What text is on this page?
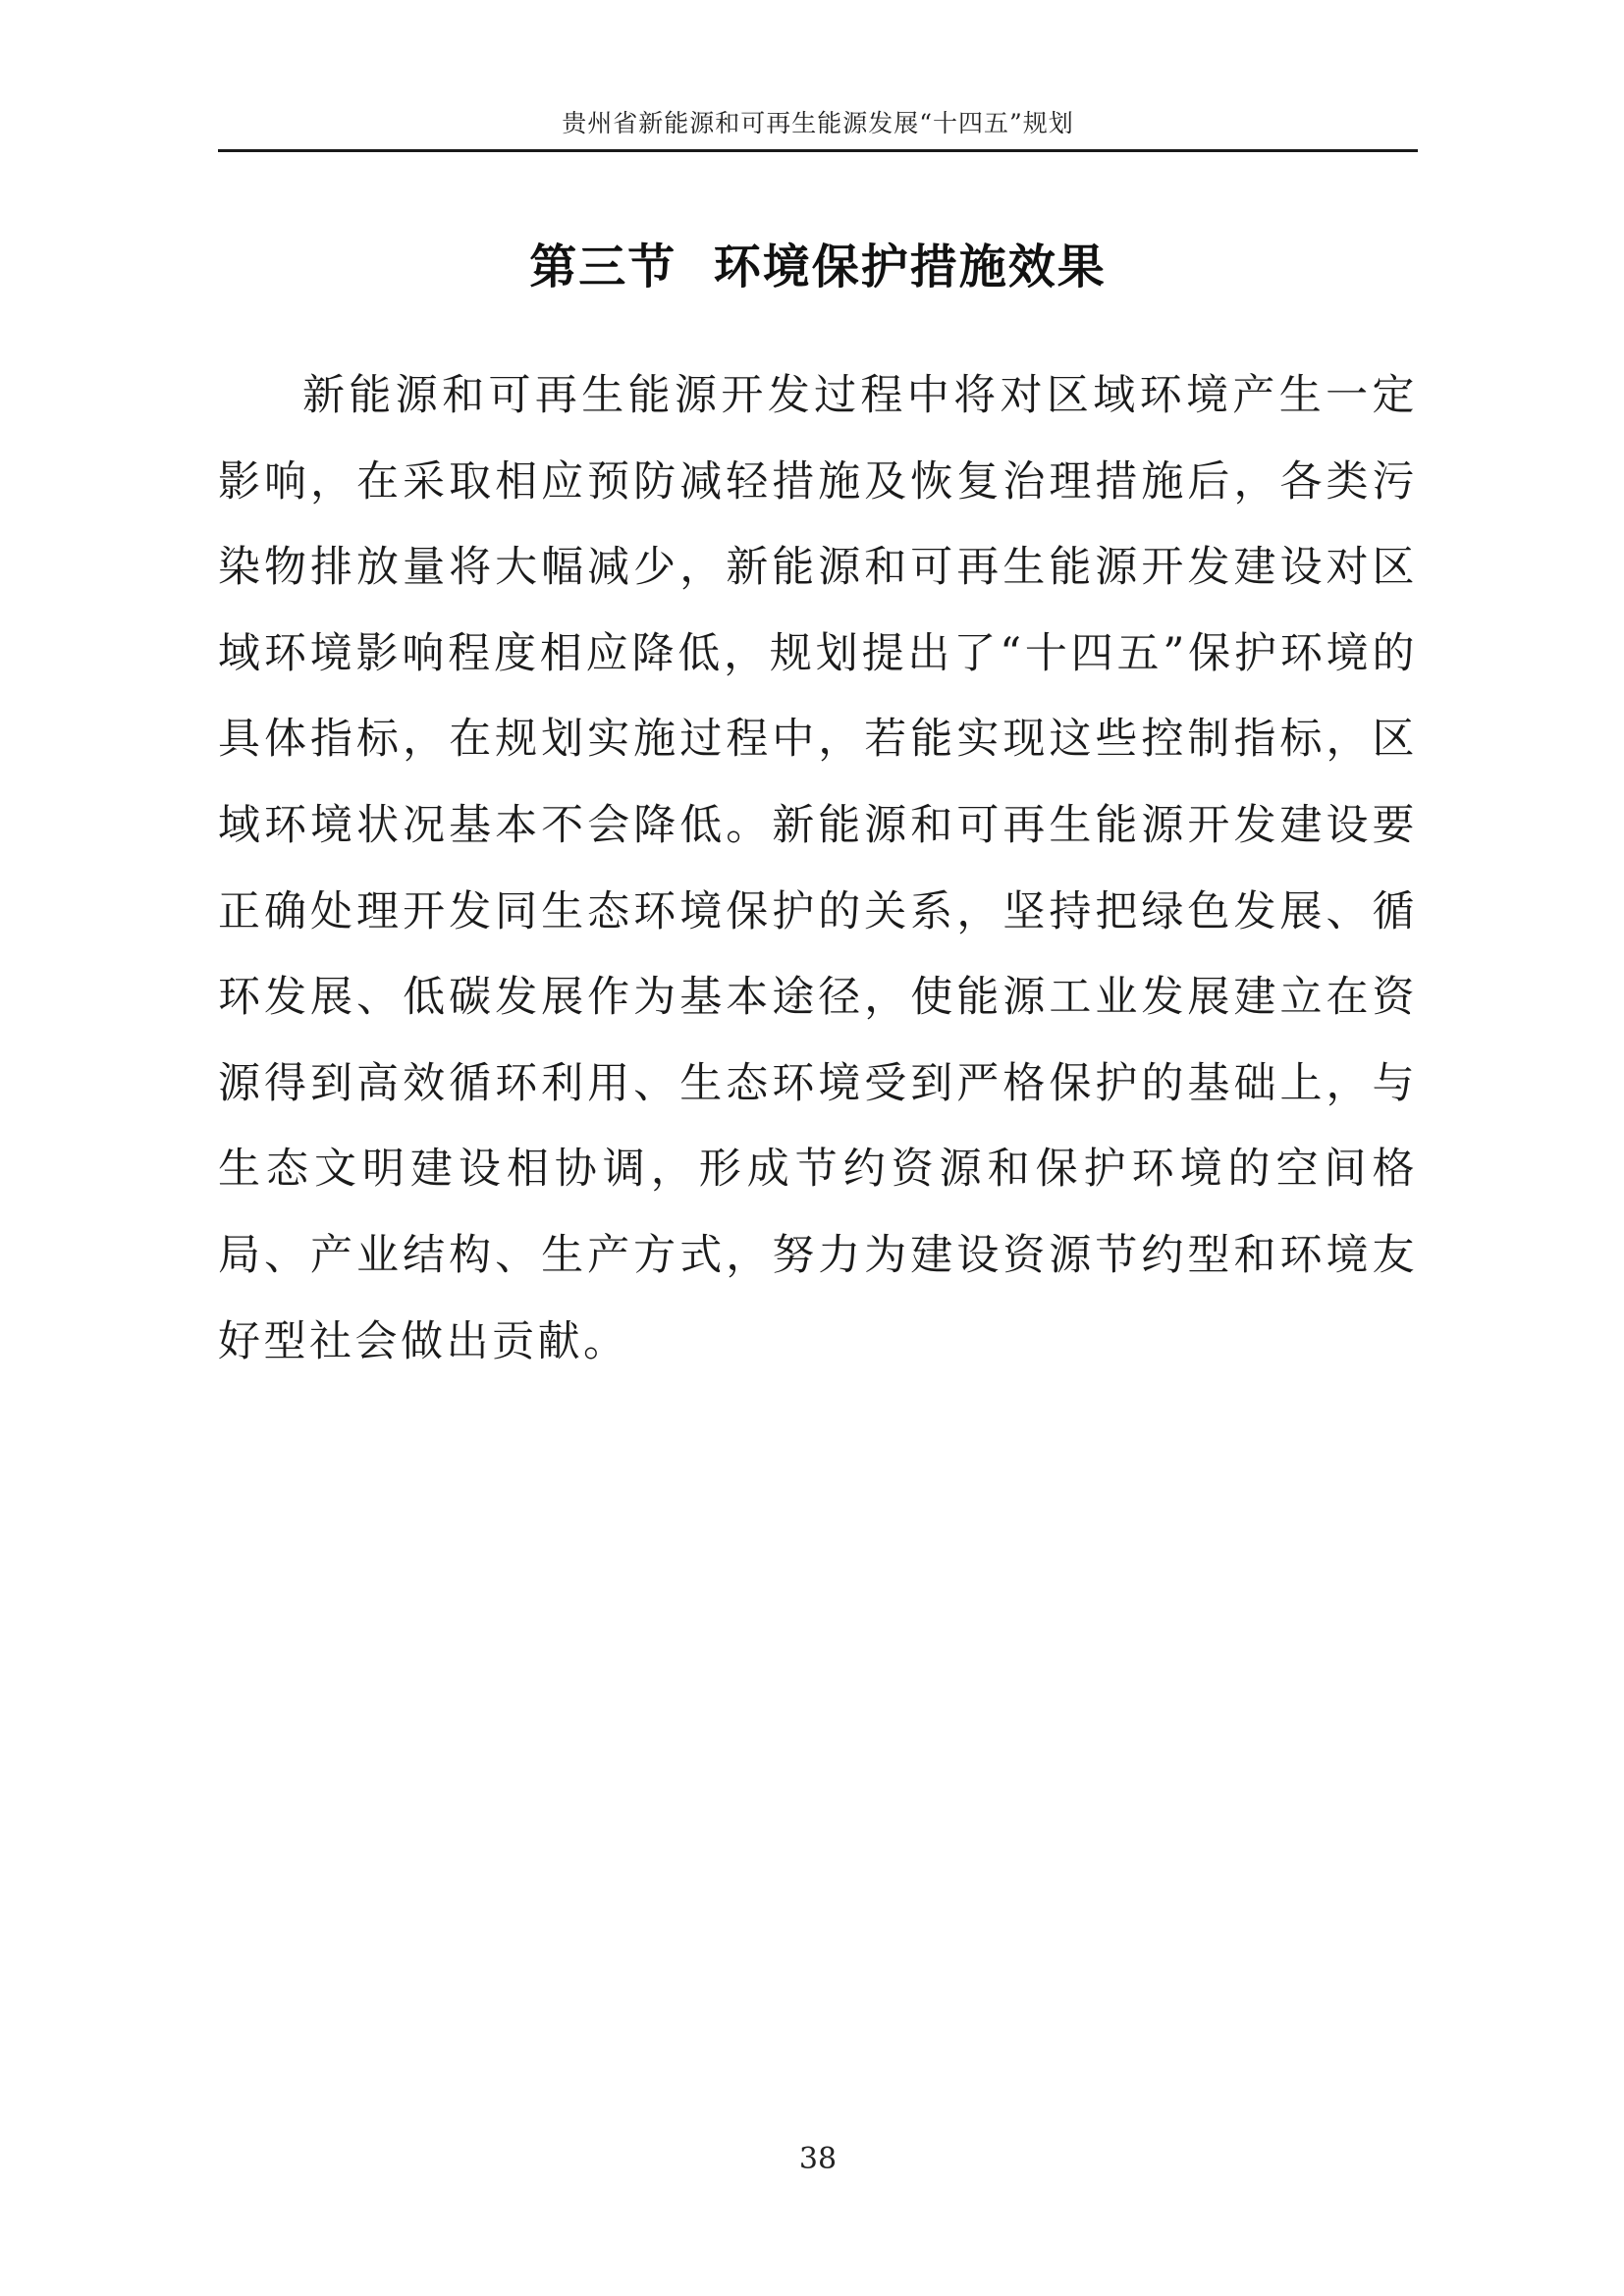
贵州省新能源和可再生能源发展“十四五”规划
第三节  环境保护措施效果

新能源和可再生能源开发过程中将对区域环境产生一定影响，在采取相应预防减轻措施及恢复治理措施后，各类污染物排放量将大幅减少，新能源和可再生能源开发建设对区域环境影响程度相应降低，规划提出了“十四五”保护环境的具体指标，在规划实施过程中，若能实现这些控制指标，区域环境状况基本不会降低。新能源和可再生能源开发建设要正确处理开发同生态环境保护的关系，坚持把绿色发展、循环发展、低碳发展作为基本途径，使能源工业发展建立在资源得到高效循环利用、生态环境受到严格保护的基础上，与生态文明建设相协调，形成节约资源和保护环境的空间格局、产业结构、生产方式，努力为建设资源节约型和环境友好型社会做出贡献。

38
